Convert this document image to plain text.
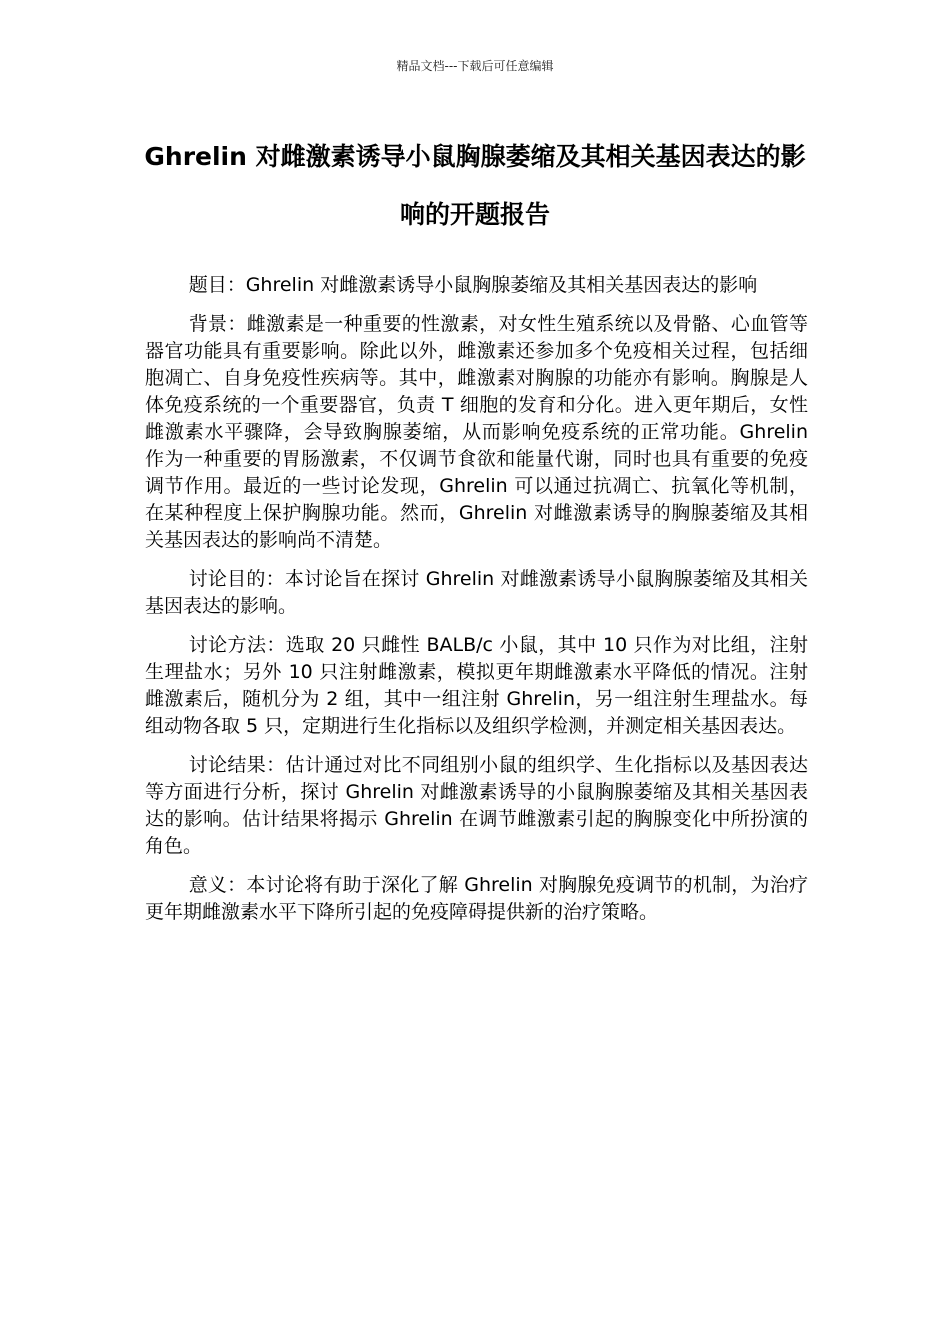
精品文档---下载后可任意编辑
Ghrelin 对雌激素诱导小鼠胸腺萎缩及其相关基因表达的影响的开题报告

题目：Ghrelin 对雌激素诱导小鼠胸腺萎缩及其相关基因表达的影响

背景：雌激素是一种重要的性激素，对女性生殖系统以及骨骼、心血管等器官功能具有重要影响。除此以外，雌激素还参加多个免疫相关过程，包括细胞凋亡、自身免疫性疾病等。其中，雌激素对胸腺的功能亦有影响。胸腺是人体免疫系统的一个重要器官，负责 T 细胞的发育和分化。进入更年期后，女性雌激素水平骤降，会导致胸腺萎缩，从而影响免疫系统的正常功能。Ghrelin 作为一种重要的胃肠激素，不仅调节食欲和能量代谢，同时也具有重要的免疫调节作用。最近的一些讨论发现，Ghrelin 可以通过抗凋亡、抗氧化等机制，在某种程度上保护胸腺功能。然而，Ghrelin 对雌激素诱导的胸腺萎缩及其相关基因表达的影响尚不清楚。

讨论目的：本讨论旨在探讨 Ghrelin 对雌激素诱导小鼠胸腺萎缩及其相关基因表达的影响。

讨论方法：选取 20 只雌性 BALB/c 小鼠，其中 10 只作为对比组，注射生理盐水；另外 10 只注射雌激素，模拟更年期雌激素水平降低的情况。注射雌激素后，随机分为 2 组，其中一组注射 Ghrelin，另一组注射生理盐水。每组动物各取 5 只，定期进行生化指标以及组织学检测，并测定相关基因表达。

讨论结果：估计通过对比不同组别小鼠的组织学、生化指标以及基因表达等方面进行分析，探讨 Ghrelin 对雌激素诱导的小鼠胸腺萎缩及其相关基因表达的影响。估计结果将揭示 Ghrelin 在调节雌激素引起的胸腺变化中所扮演的角色。

意义：本讨论将有助于深化了解 Ghrelin 对胸腺免疫调节的机制，为治疗更年期雌激素水平下降所引起的免疫障碍提供新的治疗策略。
